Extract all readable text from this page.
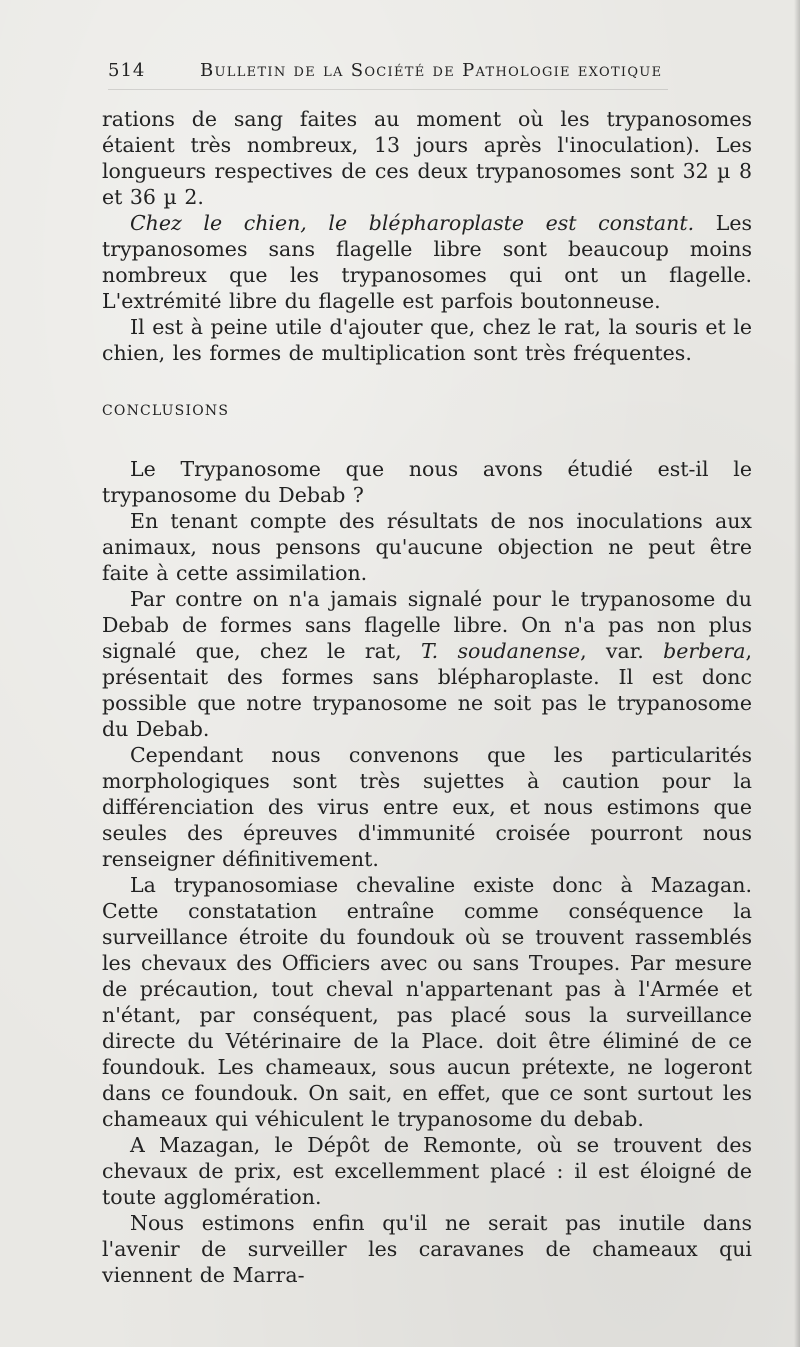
514	Bulletin de la Société de Pathologie exotique

rations de sang faites au moment où les trypanosomes étaient très nombreux, 13 jours après l'inoculation). Les longueurs respectives de ces deux trypanosomes sont 32 µ 8 et 36 µ 2.

Chez le chien, le blépharoplaste est constant. Les trypanosomes sans flagelle libre sont beaucoup moins nombreux que les trypanosomes qui ont un flagelle. L'extrémité libre du flagelle est parfois boutonneuse.

Il est à peine utile d'ajouter que, chez le rat, la souris et le chien, les formes de multiplication sont très fréquentes.

CONCLUSIONS

Le Trypanosome que nous avons étudié est-il le trypanosome du Debab ?

En tenant compte des résultats de nos inoculations aux animaux, nous pensons qu'aucune objection ne peut être faite à cette assimilation.

Par contre on n'a jamais signalé pour le trypanosome du Debab de formes sans flagelle libre. On n'a pas non plus signalé que, chez le rat, T. soudanense, var. berbera, présentait des formes sans blépharoplaste. Il est donc possible que notre trypanosome ne soit pas le trypanosome du Debab.

Cependant nous convenons que les particularités morphologiques sont très sujettes à caution pour la différenciation des virus entre eux, et nous estimons que seules des épreuves d'immunité croisée pourront nous renseigner définitivement.

La trypanosomiase chevaline existe donc à Mazagan. Cette constatation entraîne comme conséquence la surveillance étroite du foundouk où se trouvent rassemblés les chevaux des Officiers avec ou sans Troupes. Par mesure de précaution, tout cheval n'appartenant pas à l'Armée et n'étant, par conséquent, pas placé sous la surveillance directe du Vétérinaire de la Place. doit être éliminé de ce foundouk. Les chameaux, sous aucun prétexte, ne logeront dans ce foundouk. On sait, en effet, que ce sont surtout les chameaux qui véhiculent le trypanosome du debab.

A Mazagan, le Dépôt de Remonte, où se trouvent des chevaux de prix, est excellemment placé : il est éloigné de toute agglomération.

Nous estimons enfin qu'il ne serait pas inutile dans l'avenir de surveiller les caravanes de chameaux qui viennent de Marra-
